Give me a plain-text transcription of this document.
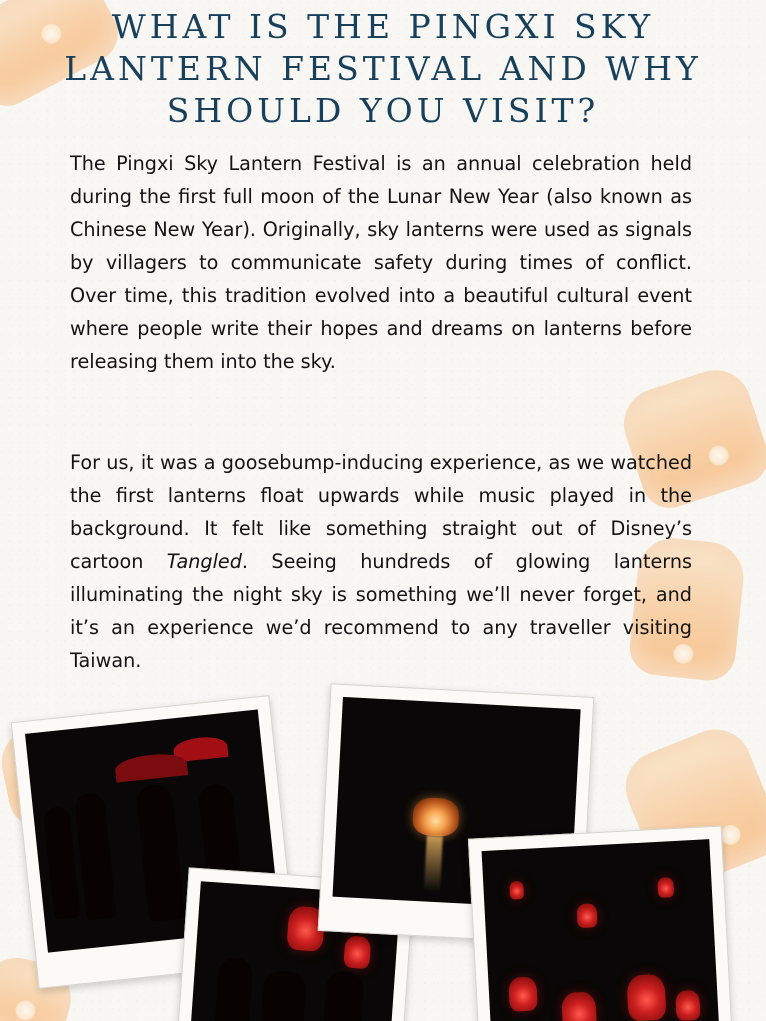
WHAT IS THE PINGXI SKY LANTERN FESTIVAL AND WHY SHOULD YOU VISIT?

The Pingxi Sky Lantern Festival is an annual celebration held during the first full moon of the Lunar New Year (also known as Chinese New Year). Originally, sky lanterns were used as signals by villagers to communicate safety during times of conflict. Over time, this tradition evolved into a beautiful cultural event where people write their hopes and dreams on lanterns before releasing them into the sky.

For us, it was a goosebump-inducing experience, as we watched the first lanterns float upwards while music played in the background. It felt like something straight out of Disney’s cartoon Tangled. Seeing hundreds of glowing lanterns illuminating the night sky is something we’ll never forget, and it’s an experience we’d recommend to any traveller visiting Taiwan.
